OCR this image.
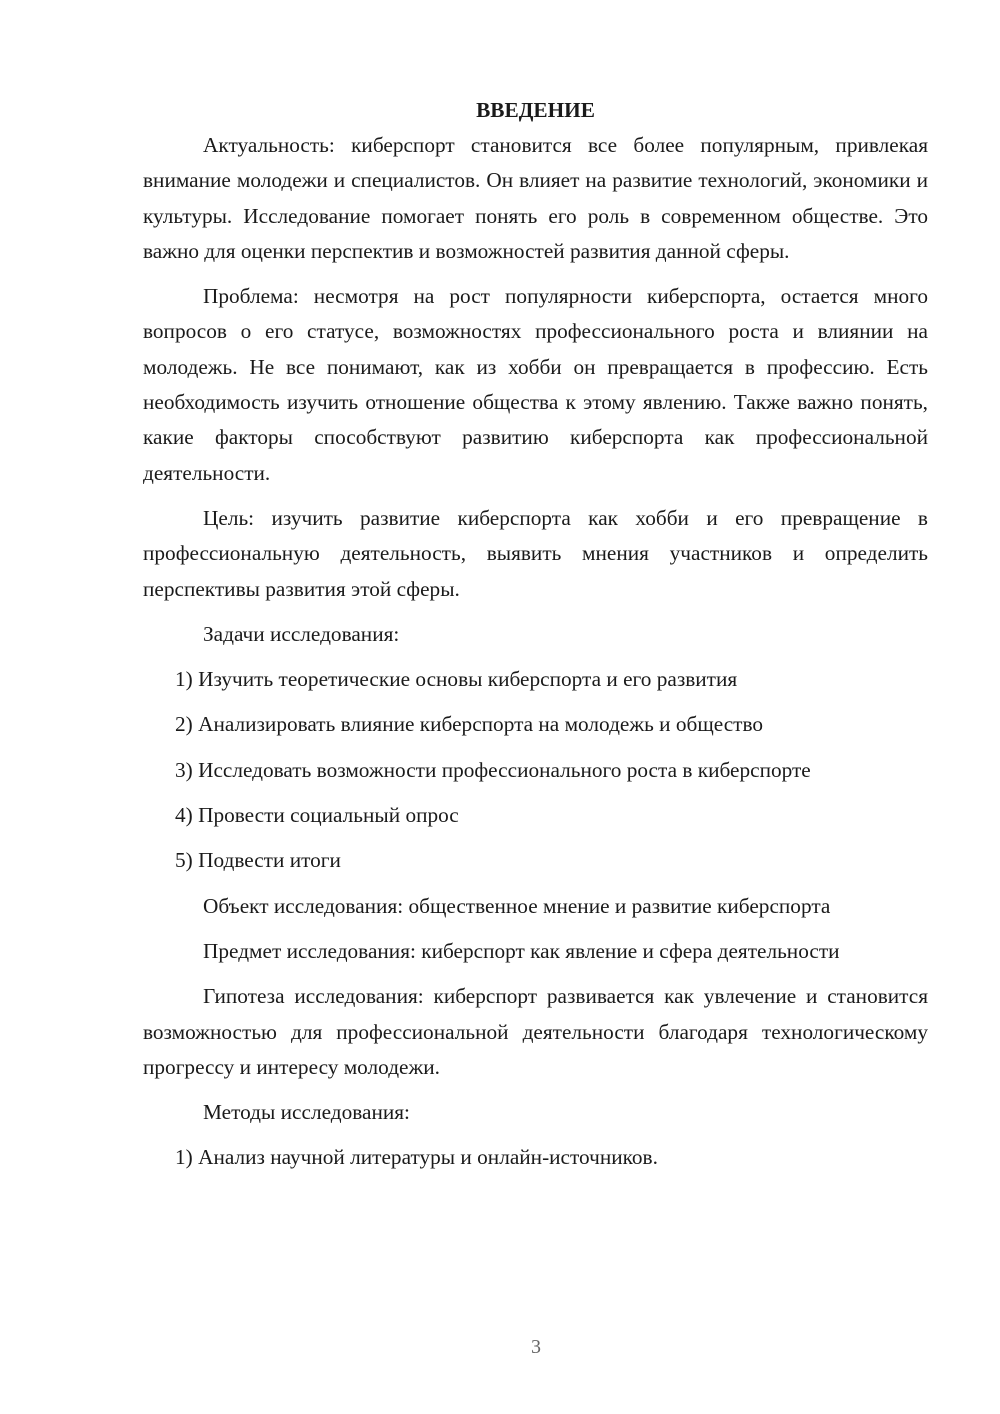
ВВЕДЕНИЕ

Актуальность: киберспорт становится все более популярным, привлекая внимание молодежи и специалистов. Он влияет на развитие технологий, экономики и культуры. Исследование помогает понять его роль в современном обществе. Это важно для оценки перспектив и возможностей развития данной сферы.

Проблема: несмотря на рост популярности киберспорта, остается много вопросов о его статусе, возможностях профессионального роста и влиянии на молодежь. Не все понимают, как из хобби он превращается в профессию. Есть необходимость изучить отношение общества к этому явлению. Также важно понять, какие факторы способствуют развитию киберспорта как профессиональной деятельности.

Цель: изучить развитие киберспорта как хобби и его превращение в профессиональную деятельность, выявить мнения участников и определить перспективы развития этой сферы.

Задачи исследования:

1) Изучить теоретические основы киберспорта и его развития

2) Анализировать влияние киберспорта на молодежь и общество

3) Исследовать возможности профессионального роста в киберспорте

4) Провести социальный опрос

5) Подвести итоги

Объект исследования: общественное мнение и развитие киберспорта

Предмет исследования: киберспорт как явление и сфера деятельности

Гипотеза исследования: киберспорт развивается как увлечение и становится возможностью для профессиональной деятельности благодаря технологическому прогрессу и интересу молодежи.

Методы исследования:

1) Анализ научной литературы и онлайн-источников.

3
